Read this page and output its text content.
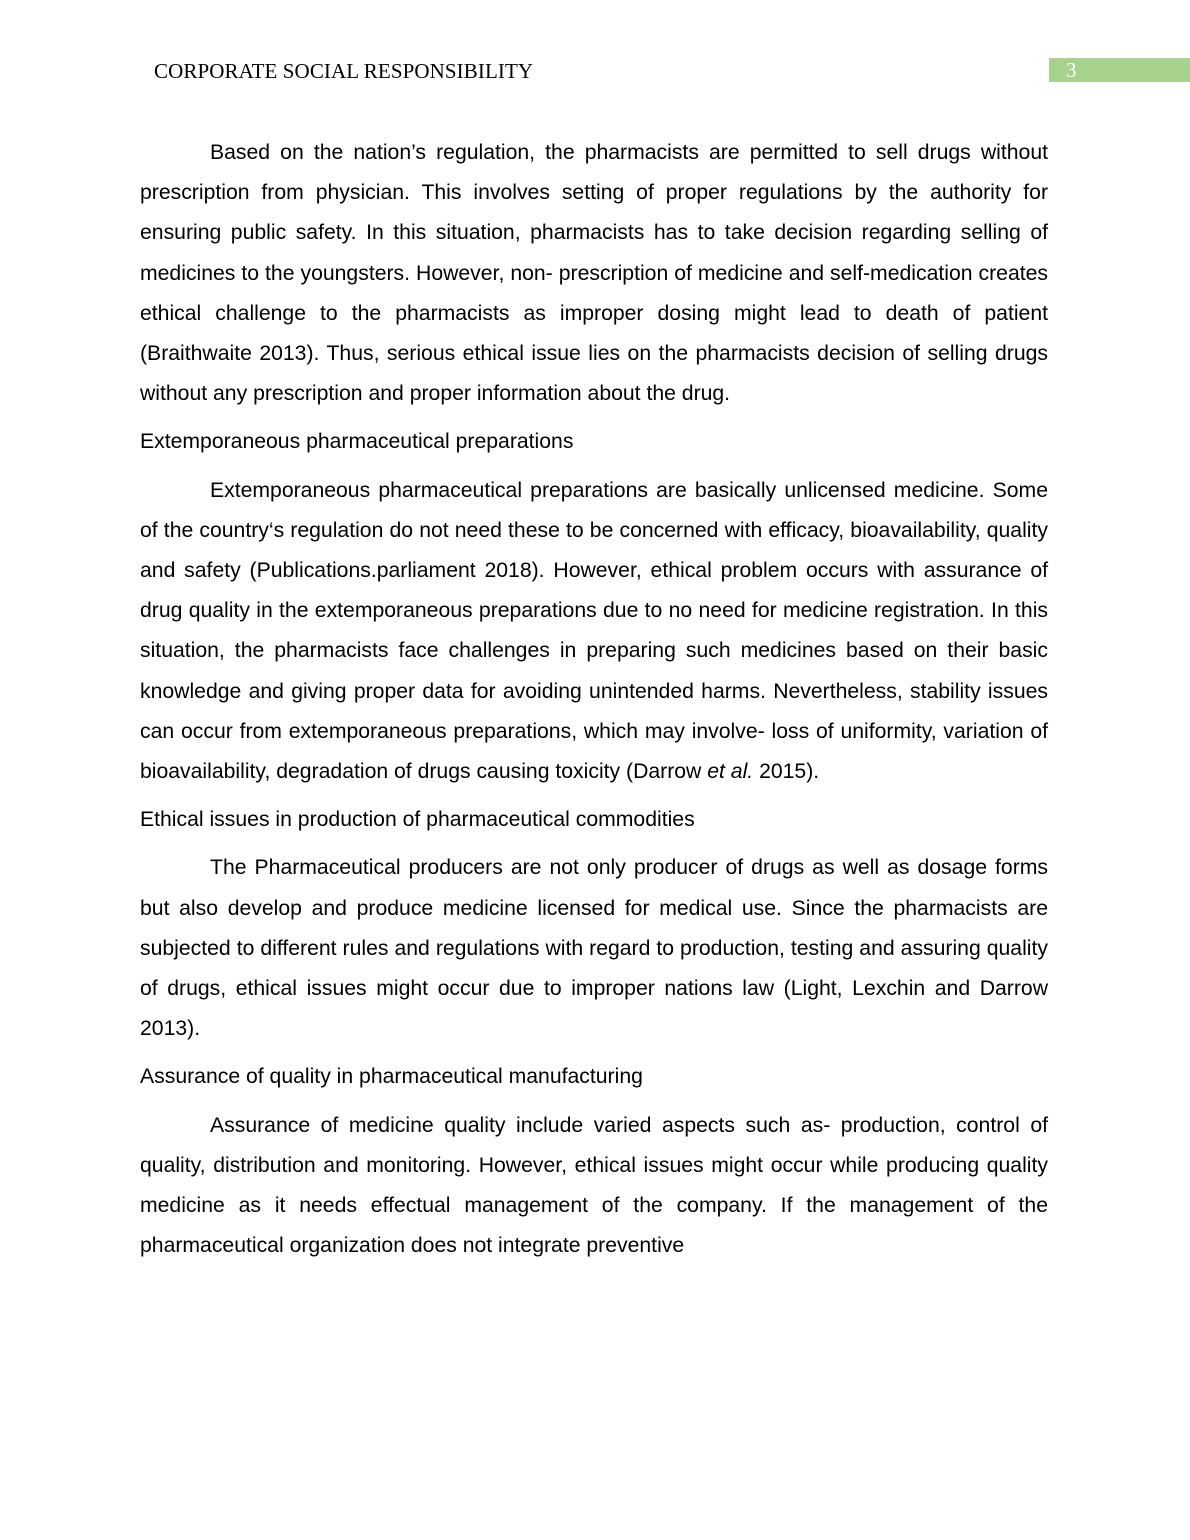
CORPORATE SOCIAL RESPONSIBILITY	3

Based on the nation’s regulation, the pharmacists are permitted to sell drugs without prescription from physician. This involves setting of proper regulations by the authority for ensuring public safety. In this situation, pharmacists has to take decision regarding selling of medicines to the youngsters. However, non- prescription of medicine and self-medication creates ethical challenge to the pharmacists as improper dosing might lead to death of patient (Braithwaite 2013). Thus, serious ethical issue lies on the pharmacists decision of selling drugs without any prescription and proper information about the drug.

Extemporaneous pharmaceutical preparations

Extemporaneous pharmaceutical preparations are basically unlicensed medicine. Some of the country‘s regulation do not need these to be concerned with efficacy, bioavailability, quality and safety (Publications.parliament 2018). However, ethical problem occurs with assurance of drug quality in the extemporaneous preparations due to no need for medicine registration. In this situation, the pharmacists face challenges in preparing such medicines based on their basic knowledge and giving proper data for avoiding unintended harms. Nevertheless, stability issues can occur from extemporaneous preparations, which may involve- loss of uniformity, variation of bioavailability, degradation of drugs causing toxicity (Darrow et al. 2015).

Ethical issues in production of pharmaceutical commodities

The Pharmaceutical producers are not only producer of drugs as well as dosage forms but also develop and produce medicine licensed for medical use. Since the pharmacists are subjected to different rules and regulations with regard to production, testing and assuring quality of drugs, ethical issues might occur due to improper nations law (Light, Lexchin and Darrow 2013).

Assurance of quality in pharmaceutical manufacturing

Assurance of medicine quality include varied aspects such as- production, control of quality, distribution and monitoring. However, ethical issues might occur while producing quality medicine as it needs effectual management of the company. If the management of the pharmaceutical organization does not integrate preventive
